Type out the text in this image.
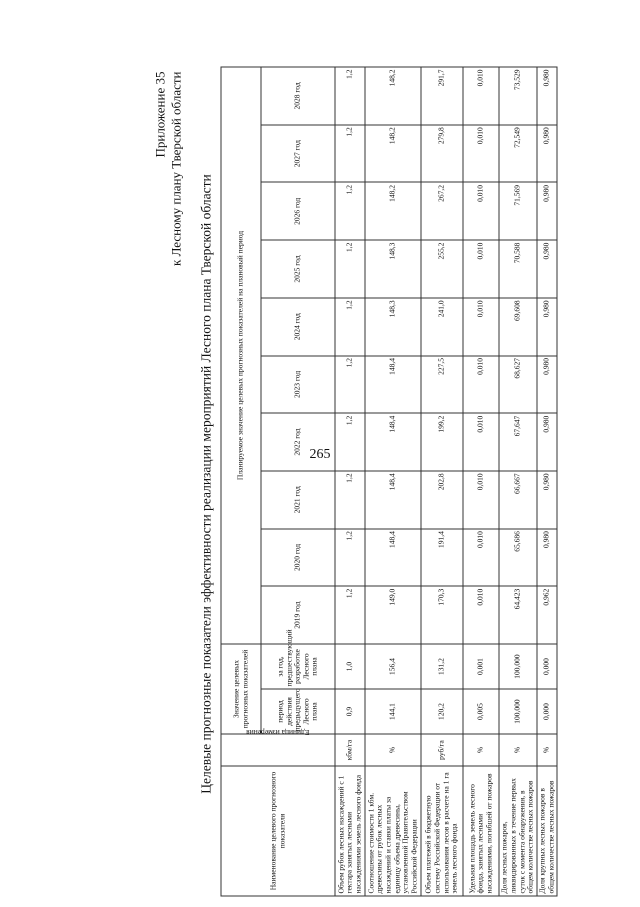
265
Приложение 35 к Лесному плану Тверской области
Целевые прогнозные показатели эффективности реализации мероприятий Лесного плана Тверской области
Наименование целевого прогнозного показателя	Единица измерения	Значение целевых прогнозных показателей		Планируемое значение целевых прогнозных показателей на плановый период									
		период действия предыдущего Лесного плана	за год, предшествующий разработке Лесного плана	2019 год	2020 год	2021 год	2022 год	2023 год	2024 год	2025 год	2026 год	2027 год	2028 год
Объем рубок лесных насаждений с 1 гектара занятых лесными насаждениями земель лесного фонда	кбм/га	0,9	1,0	1,2	1,2	1,2	1,2	1,2	1,2	1,2	1,2	1,2	1,2
Соотношение стоимости 1 кбм. древесины от рубок лесных насаждений и ставки платы за единицу объема древесины, установленной Правительством Российской Федерации	%	144,1	156,4	149,0	148,4	148,4	148,4	148,4	148,3	148,3	148,2	148,2	148,2
Объем платежей в бюджетную систему Российской Федерации от использования лесов в расчете на 1 га земель лесного фонда	руб/га	120,2	131,2	170,3	191,4	202,8	199,2	227,5	241,0	255,2	267,2	279,8	291,7
Удельная площадь земель лесного фонда, занятых лесными насаждениями, погибшей от пожаров	%	0,005	0,001	0,010	0,010	0,010	0,010	0,010	0,010	0,010	0,010	0,010	0,010
Доля лесных пожаров, ликвидированных в течение первых суток с момента обнаружения, в общем количестве лесных пожаров	%	100,000	100,000	64,423	65,686	66,667	67,647	68,627	69,608	70,588	71,569	72,549	73,529
Доля крупных лесных пожаров в общем количестве лесных пожаров	%	0,000	0,000	0,962	0,980	0,980	0,980	0,980	0,980	0,980	0,980	0,980	0,980
